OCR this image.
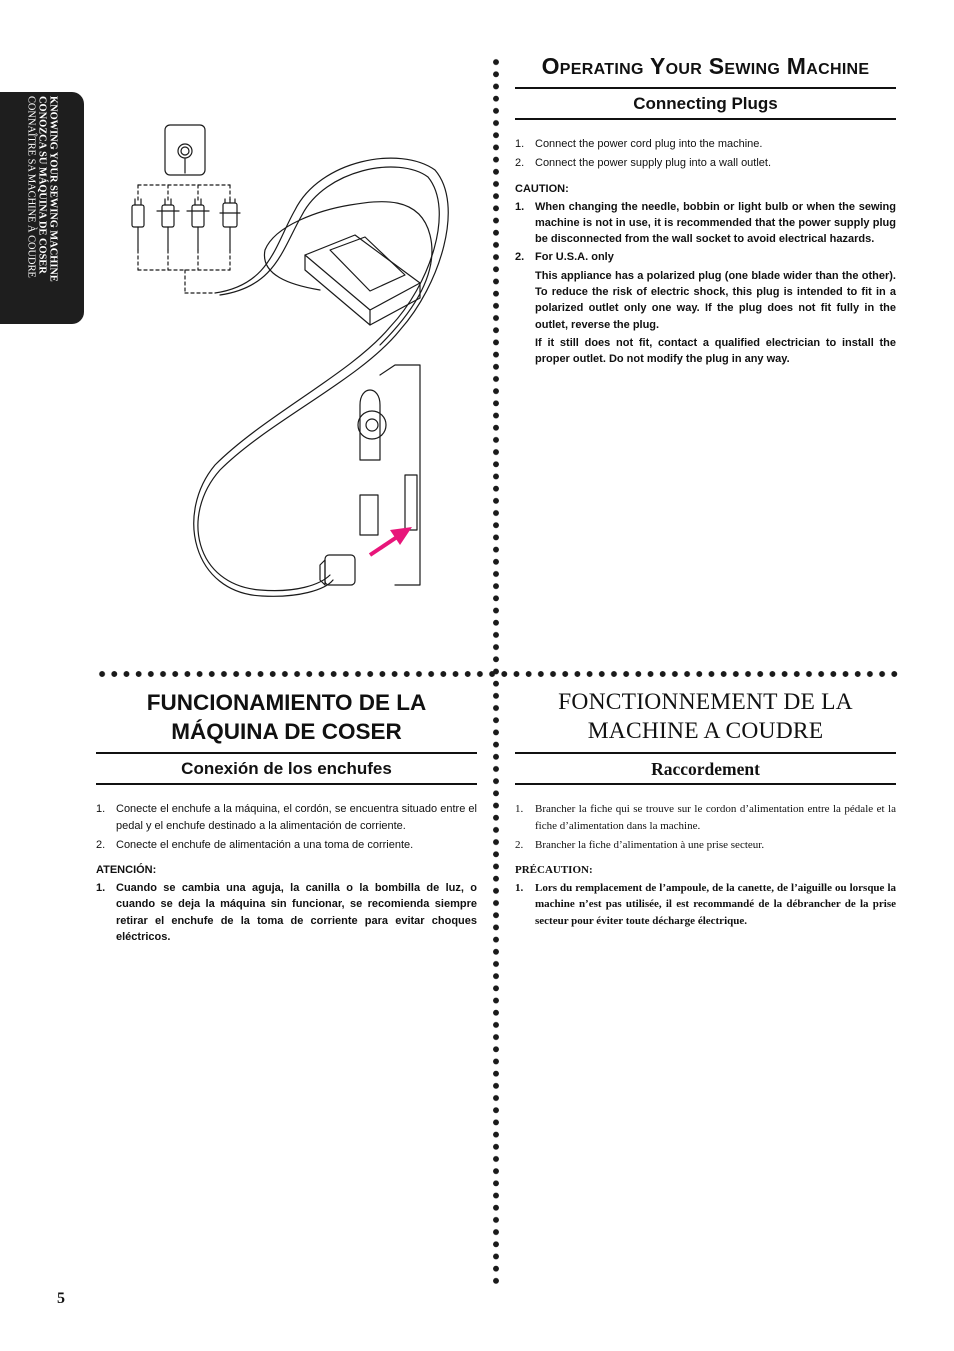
KNOWING YOUR SEWING MACHINE
CONOZCA SU MÁQUINA DE COSER
CONNAÎTRE SA MACHINE À COUDRE
Operating Your Sewing Machine
Connecting Plugs
1. Connect the power cord plug into the machine.
2. Connect the power supply plug into a wall outlet.
CAUTION:
1. When changing the needle, bobbin or light bulb or when the sewing machine is not in use, it is recommended that the power supply plug be disconnected from the wall socket to avoid electrical hazards.

2. For U.S.A. only

This appliance has a polarized plug (one blade wider than the other). To reduce the risk of electric shock, this plug is intended to fit in a polarized outlet only one way. If the plug does not fit fully in the outlet, reverse the plug.

If it still does not fit, contact a qualified electrician to install the proper outlet. Do not modify the plug in any way.

FUNCIONAMIENTO DE LA MÁQUINA DE COSER
Conexión de los enchufes
1. Conecte el enchufe a la máquina, el cordón, se encuentra situado entre el pedal y el enchufe destinado a la alimentación de corriente.
2. Conecte el enchufe de alimentación a una toma de corriente.
ATENCIÓN:
1. Cuando se cambia una aguja, la canilla o la bombilla de luz, o cuando se deja la máquina sin funcionar, se recomienda siempre retirar el enchufe de la toma de corriente para evitar choques eléctricos.

FONCTIONNEMENT DE LA MACHINE A COUDRE
Raccordement
1. Brancher la fiche qui se trouve sur le cordon d’alimentation entre la pédale et la fiche d’alimentation dans la machine.
2. Brancher la fiche d’alimentation à une prise secteur.
PRÉCAUTION:
1. Lors du remplacement de l’ampoule, de la canette, de l’aiguille ou lorsque la machine n’est pas utilisée, il est recommandé de la débrancher de la prise secteur pour éviter toute décharge électrique.

5
